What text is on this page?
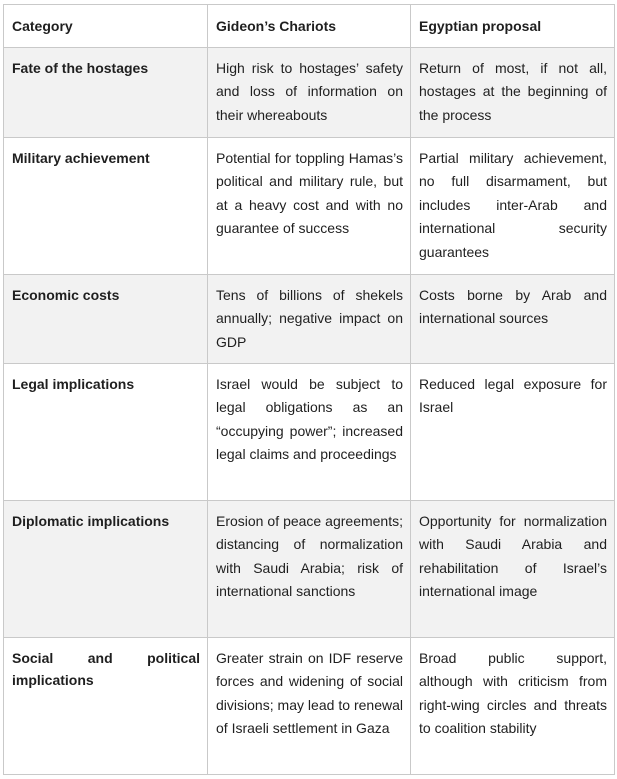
Category	Gideon’s Chariots	Egyptian proposal
Fate of the hostages	High risk to hostages’ safety and loss of information on their whereabouts	Return of most, if not all, hostages at the beginning of the process
Military achievement	Potential for toppling Hamas’s political and military rule, but at a heavy cost and with no guarantee of success	Partial military achievement, no full disarmament, but includes inter-Arab and international security guarantees
Economic costs	Tens of billions of shekels annually; negative impact on GDP	Costs borne by Arab and international sources
Legal implications	Israel would be subject to legal obligations as an “occupying power”; increased legal claims and proceedings	Reduced legal exposure for Israel
Diplomatic implications	Erosion of peace agreements; distancing of normalization with Saudi Arabia; risk of international sanctions	Opportunity for normalization with Saudi Arabia and rehabilitation of Israel’s international image
Social and political implications	Greater strain on IDF reserve forces and widening of social divisions; may lead to renewal of Israeli settlement in Gaza	Broad public support, although with criticism from right-wing circles and threats to coalition stability
